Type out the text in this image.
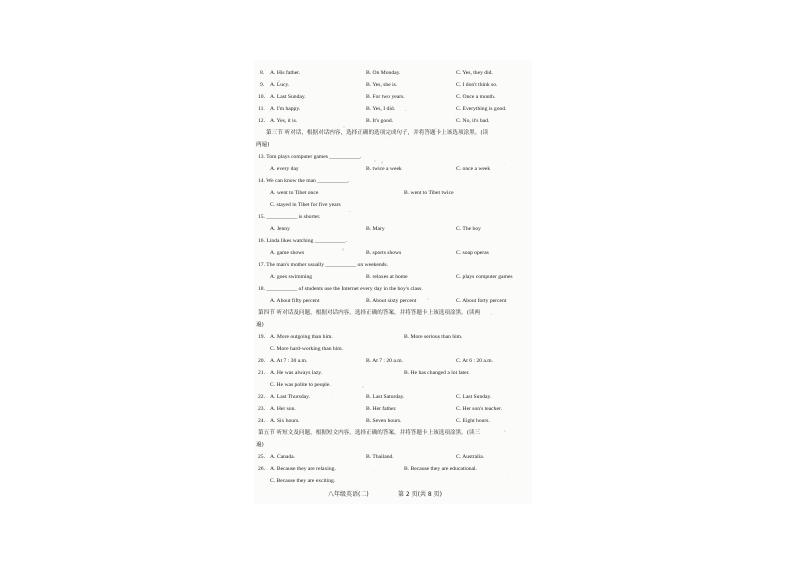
8. A. His father.	B. On Monday.	C. Yes, they did.
9. A. Lucy.	B. Yes, she is.	C. I don't think so.
10. A. Last Sunday.	B. For two years.	C. Once a month.
11. A. I'm happy.	B. Yes, I did.	C. Everything is good.
12. A. Yes, it is.	B. It's good.	C. No, it's bad.
第三节 听对话，根据对话内容，选择正确的选项完成句子，并将答题卡上该选项涂黑。(读
两遍)
13. Tom plays computer games ___________.
A. every day	B. twice a week	C. once a week
14. We can know the man ___________.
A. went to Tibet once	B. went to Tibet twice
C. stayed in Tibet for five years
15. ___________ is shorter.
A. Jenny	B. Mary	C. The boy
16. Linda likes watching ___________.
A. game shows	B. sports shows	C. soap operas
17. The man's mother usually ___________ on weekends.
A. goes swimming	B. relaxes at home	C. plays computer games
18. ___________ of students use the Internet every day in the boy's class.
A. About fifty percent	B. About sixty percent	C. About forty percent
第四节 听对话及问题，根据对话内容，选择正确的答案，并将答题卡上该选项涂黑。(读两
遍)
19. A. More outgoing than him.	B. More serious than him.
C. More hard-working than him.
20. A. At 7 : 30 a.m.	B. At 7 : 20 a.m.	C. At 6 : 20 a.m.
21. A. He was always lazy.	B. He has changed a lot later.
C. He was polite to people.
22. A. Last Thursday.	B. Last Saturday.	C. Last Sunday.
23. A. Her son.	B. Her father.	C. Her son's teacher.
24. A. Six hours.	B. Seven hours.	C. Eight hours.
第五节 听短文及问题，根据短文内容，选择正确的答案，并将答题卡上该选项涂黑。(读三
遍)
25. A. Canada.	B. Thailand.	C. Australia.
26. A. Because they are relaxing.	B. Because they are educational.
C. Because they are exciting.
八年级英语(二)	第 2 页(共 8 页)
